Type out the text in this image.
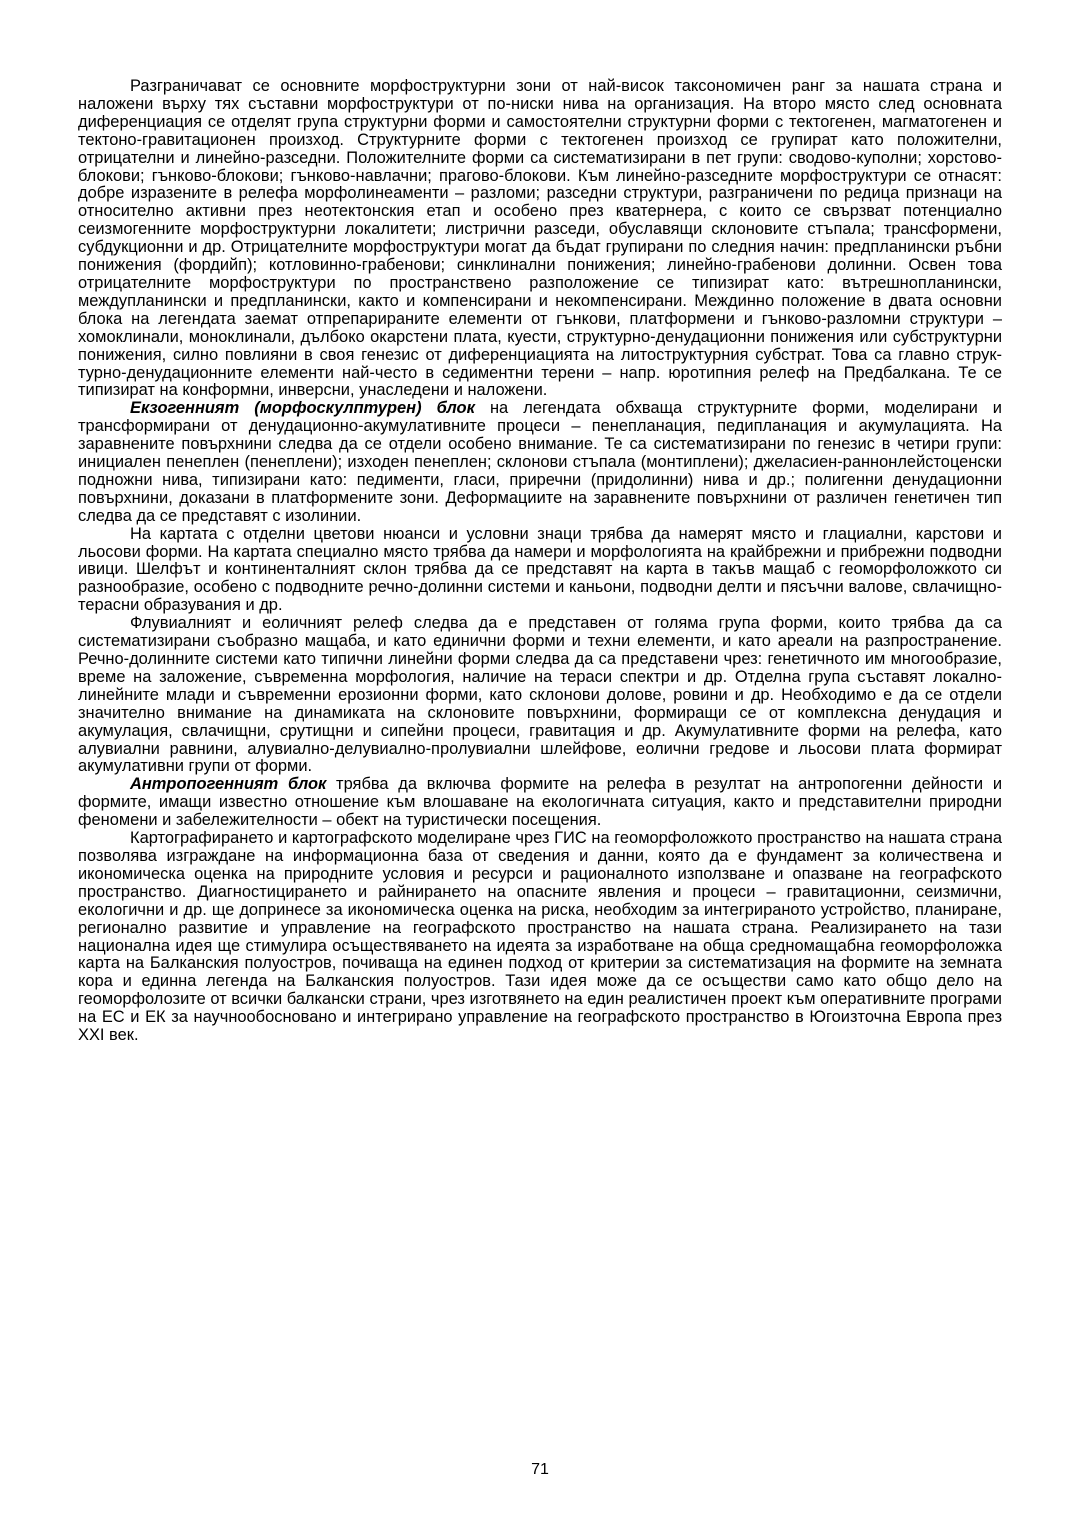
Разграничават се основните морфоструктурни зони от най-висок таксономичен ранг за нашата страна и наложени върху тях съставни морфоструктури от по-ниски нива на организация. На второ място след основната диференциация се отделят група структурни форми и самостоятелни структурни форми с тектогенен, магматогенен и тектоно-гравитационен произход. Структурните форми с тектогенен произход се групират като положителни, отрицателни и линейно-разседни. Положителните форми са систематизирани в пет групи: сводово-куполни; хорстово-блокови; гънково-блокови; гънково-навлачни; прагово-блокови. Към линейно-разседните морфоструктури се отнасят: добре изразените в релефа морфолинеаменти – разломи; разседни структури, разграничени по редица признаци на относително активни през неотектонския етап и особено през кватернера, с които се свързват потенциално сеизмогенните морфоструктурни локалитети; листрични разседи, обуславящи склоновите стъпала; трансформени, субдукционни и др. Отрицателните морфоструктури могат да бъдат групирани по следния начин: предпланински ръбни понижения (фордийп); котловинно-грабенови; синклинални понижения; линейно-грабенови долинни. Освен това отрицателните морфоструктури по пространствено разположение се типизират като: вътрешнопланински, междупланински и предпланински, както и компенсирани и некомпенсирани. Междинно положение в двата основни блока на легендата заемат отпрепарираните елементи от гънкови, платформени и гънково-разломни структури – хомоклинали, моноклинали, дълбоко окарстени плата, куести, структурно-денудационни понижения или субструктурни понижения, силно повлияни в своя генезис от диференциацията на литоструктурния субстрат. Това са главно структурно-денудационните елементи най-често в седиментни терени – напр. юротипния релеф на Предбалкана. Те се типизират на конформни, инверсни, унаследени и наложени.

Екзогенният (морфоскулптурен) блок на легендата обхваща структурните форми, моделирани и трансформирани от денудационно-акумулативните процеси – пенепланация, педипланация и акумулацията. На заравнените повърхнини следва да се отдели особено внимание. Те са систематизирани по генезис в четири групи: инициален пенеплен (пенеплени); изходен пенеплен; склонови стъпала (монтиплени); джеласиен-раннонлейстоценски подножни нива, типизирани като: педименти, гласи, приречни (придолинни) нива и др.; полигенни денудационни повърхнини, доказани в платформените зони. Деформациите на заравнените повърхнини от различен генетичен тип следва да се представят с изолинии.

На картата с отделни цветови нюанси и условни знаци трябва да намерят място и глациални, карстови и льосови форми. На картата специално място трябва да намери и морфологията на крайбрежни и прибрежни подводни ивици. Шелфът и континенталният склон трябва да се представят на карта в такъв мащаб с геоморфоложкото си разнообразие, особено с подводните речно-долинни системи и каньони, подводни делти и пясъчни валове, свлачищно-терасни образувания и др.

Флувиалният и еоличният релеф следва да е представен от голяма група форми, които трябва да са систематизирани съобразно мащаба, и като единични форми и техни елементи, и като ареали на разпространение. Речно-долинните системи като типични линейни форми следва да са представени чрез: генетичното им многообразие, време на заложение, съвременна морфология, наличие на тераси спектри и др. Отделна група съставят локално-линейните млади и съвременни ерозионни форми, като склонови долове, ровини и др. Необходимо е да се отдели значително внимание на динамиката на склоновите повърхнини, формиращи се от комплексна денудация и акумулация, свлачищни, срутищни и сипейни процеси, гравитация и др. Акумулативните форми на релефа, като алувиални равнини, алувиално-делувиално-пролувиални шлейфове, еолични гредове и льосови плата формират акумулативни групи от форми.

Антропогенният блок трябва да включва формите на релефа в резултат на антропогенни дейности и формите, имащи известно отношение към влошаване на екологичната ситуация, както и представителни природни феномени и забележителности – обект на туристически посещения.

Картографирането и картографското моделиране чрез ГИС на геоморфоложкото пространство на нашата страна позволява изграждане на информационна база от сведения и данни, която да е фундамент за количествена и икономическа оценка на природните условия и ресурси и рационалното използване и опазване на географското пространство. Диагностицирането и райнирането на опасните явления и процеси – гравитационни, сеизмични, екологични и др. ще допринесе за икономическа оценка на риска, необходим за интегрираното устройство, планиране, регионално развитие и управление на географското пространство на нашата страна. Реализирането на тази национална идея ще стимулира осъществяването на идеята за изработване на обща средномащабна геоморфоложка карта на Балканския полуостров, почиваща на единен подход от критерии за систематизация на формите на земната кора и единна легенда на Балканския полуостров. Тази идея може да се осъществи само като общо дело на геоморфолозите от всички балкански страни, чрез изготвянето на един реалистичен проект към оперативните програми на ЕС и ЕК за научнообосновано и интегрирано управление на географското пространство в Югоизточна Европа през XXI век.

71
